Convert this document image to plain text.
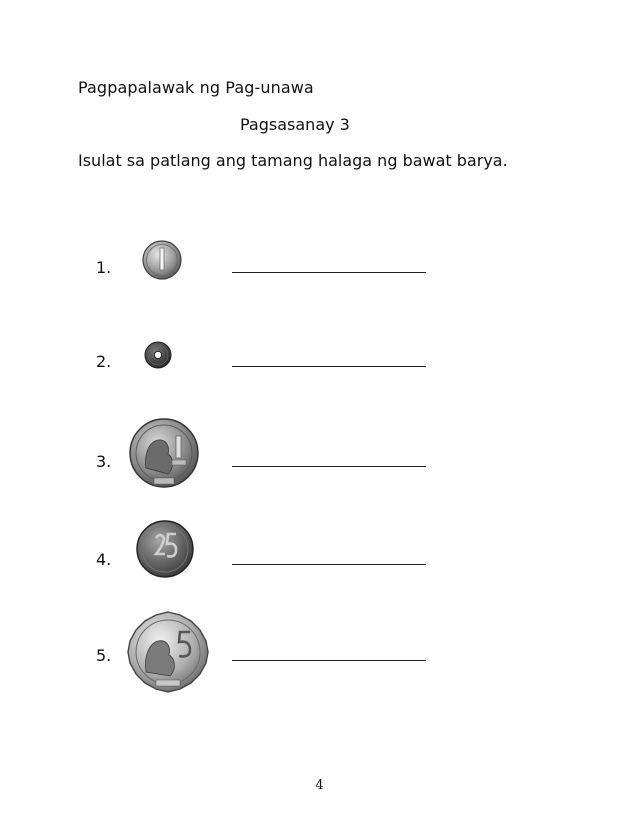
Pagpapalawak ng Pag-unawa
Pagsasanay 3
Isulat sa patlang ang tamang halaga ng bawat barya.
1.
2.
3.
4.
5.
4
